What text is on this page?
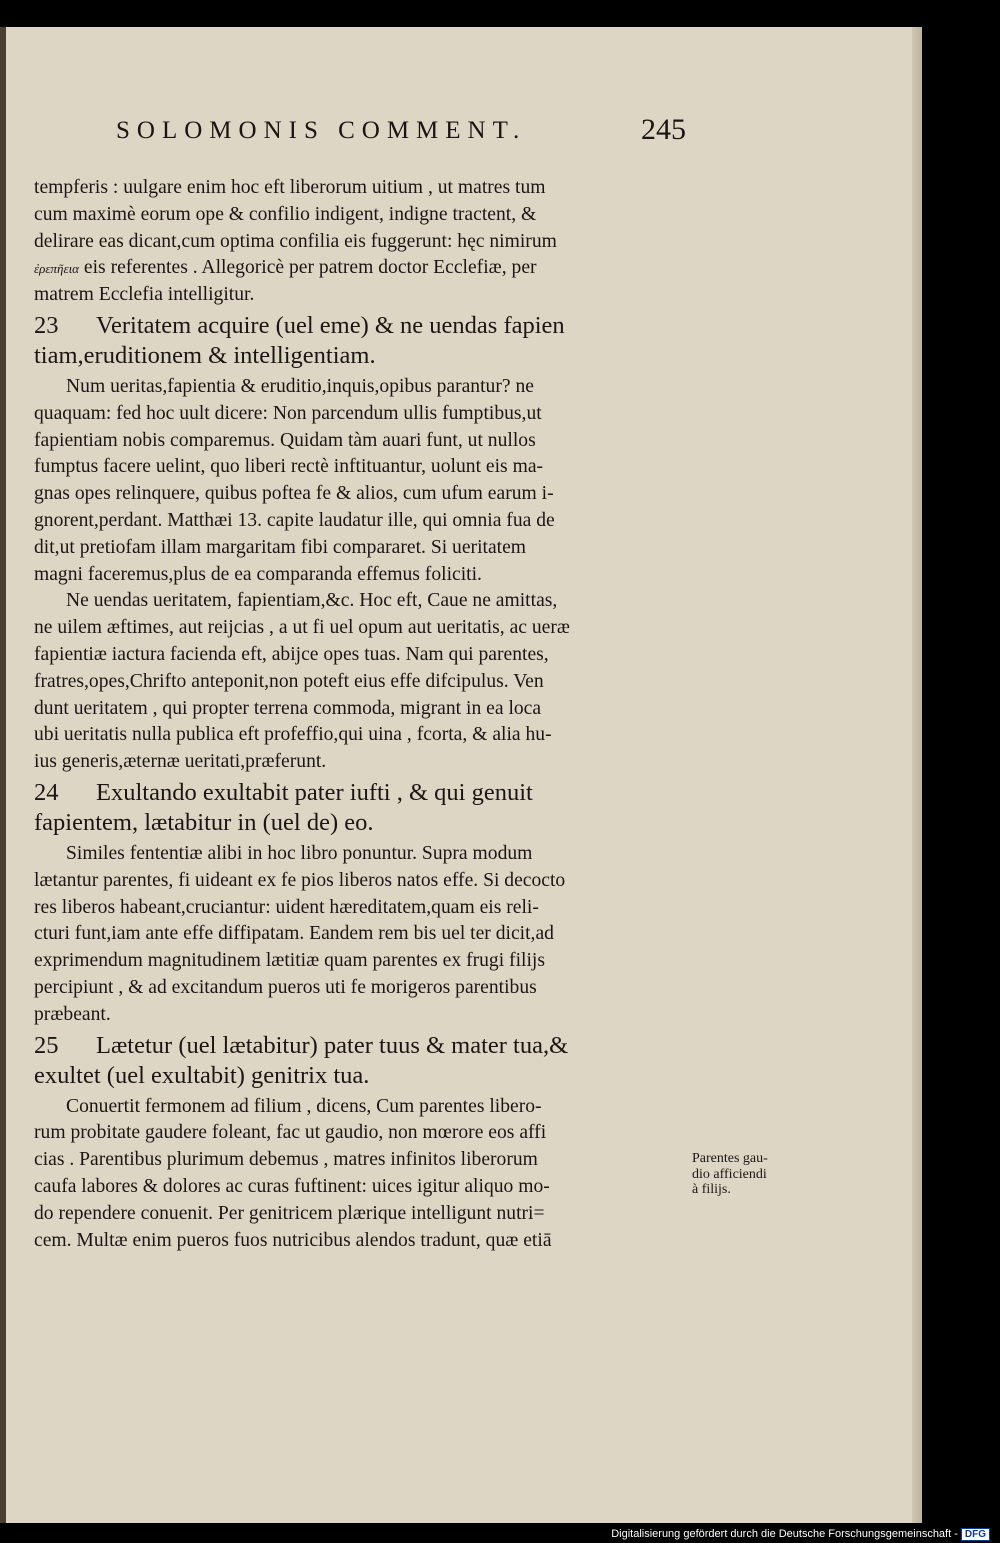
SOLOMONIS COMMENT.	245
tempferis : uulgare enim hoc eft liberorum uitium , ut matres tum
cum maximè eorum ope & confilio indigent, indigne tractent, &
delirare eas dicant,cum optima confilia eis fuggerunt: hęc nimirum
ἐρεπῆεια eis referentes . Allegoricè per patrem doctor Ecclefiæ, per
matrem Ecclefia intelligitur.
23 Veritatem acquire (uel eme) & ne uendas fapien
tiam,eruditionem & intelligentiam.
Num ueritas,fapientia & eruditio,inquis,opibus parantur? ne
quaquam: fed hoc uult dicere: Non parcendum ullis fumptibus,ut
fapientiam nobis comparemus. Quidam tàm auari funt, ut nullos
fumptus facere uelint, quo liberi rectè inftituantur, uolunt eis ma-
gnas opes relinquere, quibus poftea fe & alios, cum ufum earum i-
gnorent,perdant. Matthæi 13. capite laudatur ille, qui omnia fua de
dit,ut pretiofam illam margaritam fibi compararet. Si ueritatem
magni faceremus,plus de ea comparanda effemus foliciti.
Ne uendas ueritatem, fapientiam,&c. Hoc eft, Caue ne amittas,
ne uilem æftimes, aut reijcias , a ut fi uel opum aut ueritatis, ac ueræ
fapientiæ iactura facienda eft, abijce opes tuas. Nam qui parentes,
fratres,opes,Chrifto anteponit,non poteft eius effe difcipulus. Ven
dunt ueritatem , qui propter terrena commoda, migrant in ea loca
ubi ueritatis nulla publica eft profeffio,qui uina , fcorta, & alia hu-
ius generis,æternæ ueritati,præferunt.
24 Exultando exultabit pater iufti , & qui genuit
fapientem, lætabitur in (uel de) eo.
Similes fententiæ alibi in hoc libro ponuntur. Supra modum
lætantur parentes, fi uideant ex fe pios liberos natos effe. Si decocto
res liberos habeant,cruciantur: uident hæreditatem,quam eis reli-
cturi funt,iam ante effe diffipatam. Eandem rem bis uel ter dicit,ad
exprimendum magnitudinem lætitiæ quam parentes ex frugi filijs
percipiunt , & ad excitandum pueros uti fe morigeros parentibus
præbeant.
25 Lætetur (uel lætabitur) pater tuus & mater tua,&
exultet (uel exultabit) genitrix tua.
Conuertit fermonem ad filium , dicens, Cum parentes libero-
rum probitate gaudere foleant, fac ut gaudio, non mœrore eos affi
cias . Parentibus plurimum debemus , matres infinitos liberorum
caufa labores & dolores ac curas fuftinent: uices igitur aliquo mo-
do rependere conuenit. Per genitricem plærique intelligunt nutri=
cem. Multæ enim pueros fuos nutricibus alendos tradunt, quæ etiā
Parentes gau-
dio afficiendi
à filijs.
Digitalisierung gefördert durch die Deutsche Forschungsgemeinschaft - DFG
